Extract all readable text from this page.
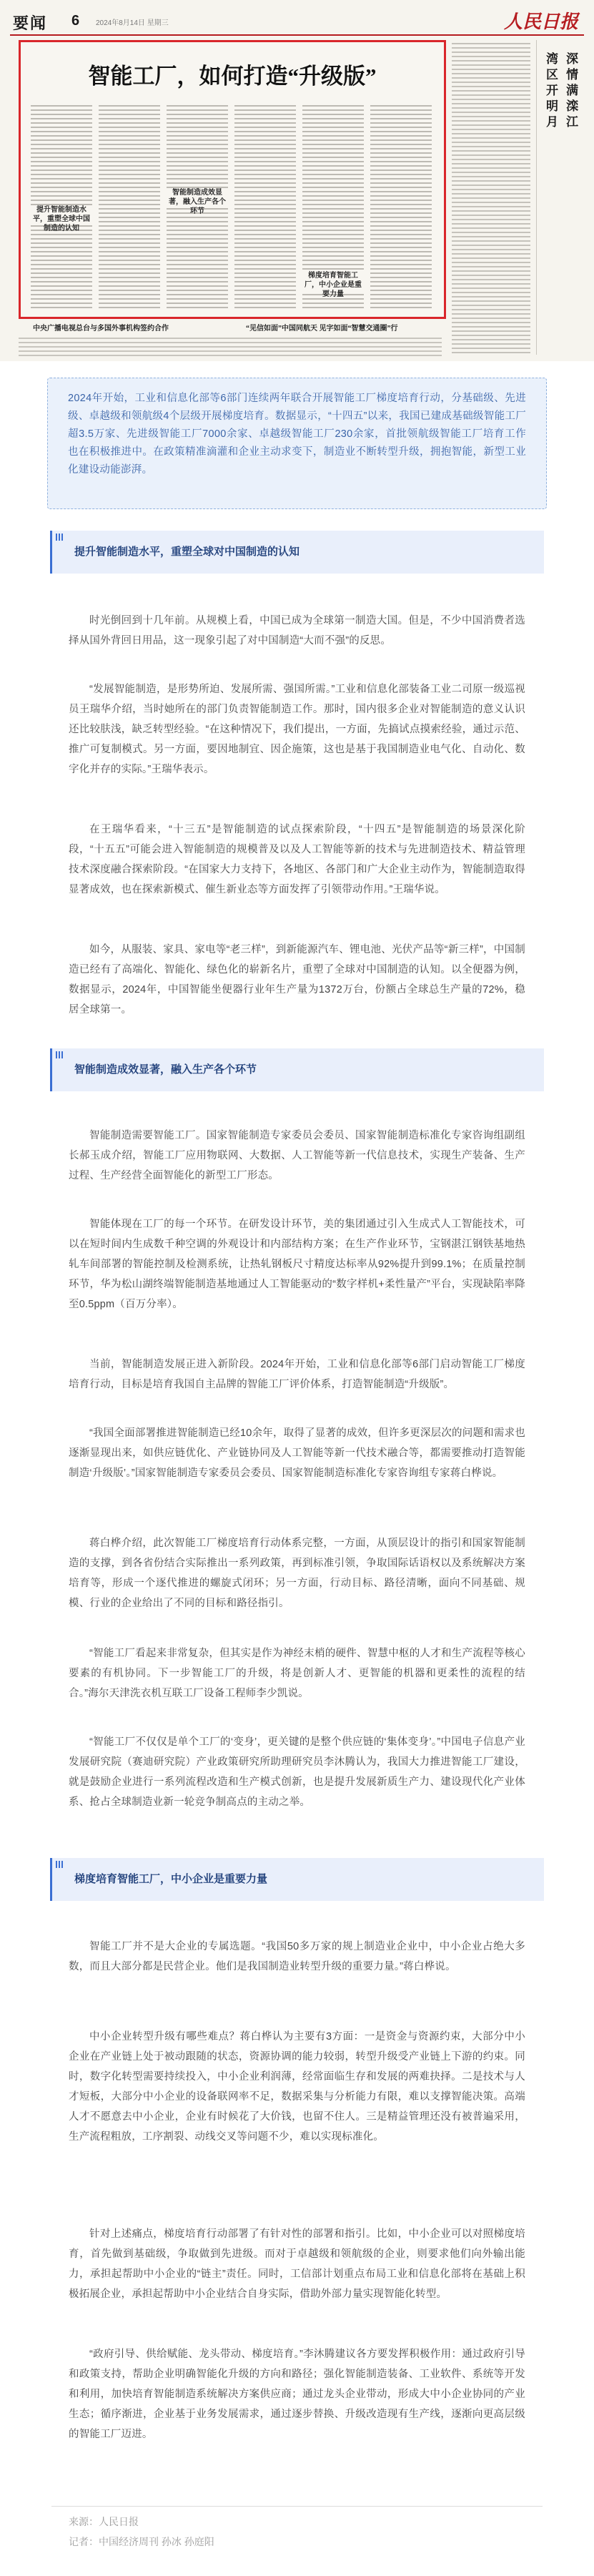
要闻 6 2024年8月14日 星期三	人民日报
智能工厂，如何打造“升级版”
提升智能制造水平，重塑全球中国制造的认知
智能制造成效显著，融入生产各个环节
梯度培育智能工厂，中小企业是重要力量
中央广播电视总台与多国外事机构签约合作	“见信如面”中国同航天 见字如面“智慧交通圈”行
湾区开明月
深情满滦江

2024年开始，工业和信息化部等6部门连续两年联合开展智能工厂梯度培育行动，分基础级、先进级、卓越级和领航级4个层级开展梯度培育。数据显示，“十四五”以来，我国已建成基础级智能工厂超3.5万家、先进级智能工厂7000余家、卓越级智能工厂230余家，首批领航级智能工厂培育工作也在积极推进中。在政策精准滴灌和企业主动求变下，制造业不断转型升级，拥抱智能，新型工业化建设动能澎湃。

提升智能制造水平，重塑全球对中国制造的认知

时光倒回到十几年前。从规模上看，中国已成为全球第一制造大国。但是，不少中国消费者选择从国外背回日用品，这一现象引起了对中国制造“大而不强”的反思。

“发展智能制造，是形势所迫、发展所需、强国所需。”工业和信息化部装备工业二司原一级巡视员王瑞华介绍，当时她所在的部门负责智能制造工作。那时，国内很多企业对智能制造的意义认识还比较肤浅，缺乏转型经验。“在这种情况下，我们提出，一方面，先搞试点摸索经验，通过示范、推广可复制模式。另一方面，要因地制宜、因企施策，这也是基于我国制造业电气化、自动化、数字化并存的实际。”王瑞华表示。

在王瑞华看来，“十三五”是智能制造的试点探索阶段，“十四五”是智能制造的场景深化阶段，“十五五”可能会进入智能制造的规模普及以及人工智能等新的技术与先进制造技术、精益管理技术深度融合探索阶段。“在国家大力支持下，各地区、各部门和广大企业主动作为，智能制造取得显著成效，也在探索新模式、催生新业态等方面发挥了引领带动作用。”王瑞华说。

如今，从服装、家具、家电等“老三样”，到新能源汽车、锂电池、光伏产品等“新三样”，中国制造已经有了高端化、智能化、绿色化的崭新名片，重塑了全球对中国制造的认知。以全便器为例，数据显示，2024年，中国智能坐便器行业年生产量为1372万台，份额占全球总生产量的72%，稳居全球第一。

智能制造成效显著，融入生产各个环节

智能制造需要智能工厂。国家智能制造专家委员会委员、国家智能制造标准化专家咨询组副组长郝玉成介绍，智能工厂应用物联网、大数据、人工智能等新一代信息技术，实现生产装备、生产过程、生产经营全面智能化的新型工厂形态。

智能体现在工厂的每一个环节。在研发设计环节，美的集团通过引入生成式人工智能技术，可以在短时间内生成数千种空调的外观设计和内部结构方案；在生产作业环节，宝钢湛江钢铁基地热轧车间部署的智能控制及检测系统，让热轧钢板尺寸精度达标率从92%提升到99.1%；在质量控制环节，华为松山湖终端智能制造基地通过人工智能驱动的“数字样机+柔性量产”平台，实现缺陷率降至0.5ppm（百万分率）。

当前，智能制造发展正进入新阶段。2024年开始，工业和信息化部等6部门启动智能工厂梯度培育行动，目标是培育我国自主品牌的智能工厂评价体系，打造智能制造“升级版”。

“我国全面部署推进智能制造已经10余年，取得了显著的成效，但许多更深层次的问题和需求也逐渐显现出来，如供应链优化、产业链协同及人工智能等新一代技术融合等，都需要推动打造智能制造‘升级版’。”国家智能制造专家委员会委员、国家智能制造标准化专家咨询组专家蒋白桦说。

蒋白桦介绍，此次智能工厂梯度培育行动体系完整，一方面，从顶层设计的指引和国家智能制造的支撑，到各省份结合实际推出一系列政策，再到标准引领，争取国际话语权以及系统解决方案培育等，形成一个逐代推进的螺旋式闭环；另一方面，行动目标、路径清晰，面向不同基础、规模、行业的企业给出了不同的目标和路径指引。

“智能工厂看起来非常复杂，但其实是作为神经末梢的硬件、智慧中枢的人才和生产流程等核心要素的有机协同。下一步智能工厂的升级，将是创新人才、更智能的机器和更柔性的流程的结合。”海尔天津洗衣机互联工厂设备工程师李少凯说。

“智能工厂不仅仅是单个工厂的‘变身’，更关键的是整个供应链的‘集体变身’。”中国电子信息产业发展研究院（赛迪研究院）产业政策研究所助理研究员李沐腾认为，我国大力推进智能工厂建设，就是鼓励企业进行一系列流程改造和生产模式创新，也是提升发展新质生产力、建设现代化产业体系、抢占全球制造业新一轮竞争制高点的主动之举。

梯度培育智能工厂，中小企业是重要力量

智能工厂并不是大企业的专属选题。“我国50多万家的规上制造业企业中，中小企业占绝大多数，而且大部分都是民营企业。他们是我国制造业转型升级的重要力量。”蒋白桦说。

中小企业转型升级有哪些难点？蒋白桦认为主要有3方面：一是资金与资源约束，大部分中小企业在产业链上处于被动跟随的状态，资源协调的能力较弱，转型升级受产业链上下游的约束。同时，数字化转型需要持续投入，中小企业利润薄，经常面临生存和发展的两难抉择。二是技术与人才短板，大部分中小企业的设备联网率不足，数据采集与分析能力有限，难以支撑智能决策。高端人才不愿意去中小企业，企业有时候花了大价钱，也留不住人。三是精益管理还没有被普遍采用，生产流程粗放，工序割裂、动线交叉等问题不少，难以实现标准化。

针对上述痛点，梯度培育行动部署了有针对性的部署和指引。比如，中小企业可以对照梯度培育，首先做到基础级，争取做到先进级。而对于卓越级和领航级的企业，则要求他们向外输出能力，承担起帮助中小企业的“链主”责任。同时，工信部计划重点布局工业和信息化部将在基础上积极拓展企业，承担起帮助中小企业结合自身实际，借助外部力量实现智能化转型。

“政府引导、供给赋能、龙头带动、梯度培育。”李沐腾建议各方要发挥积极作用：通过政府引导和政策支持，帮助企业明确智能化升级的方向和路径；强化智能制造装备、工业软件、系统等开发和利用，加快培育智能制造系统解决方案供应商；通过龙头企业带动，形成大中小企业协同的产业生态；循序渐进，企业基于业务发展需求，通过逐步替换、升级改造现有生产线，逐渐向更高层级的智能工厂迈进。

来源：人民日报
记者：中国经济周刊 孙冰 孙庭阳
